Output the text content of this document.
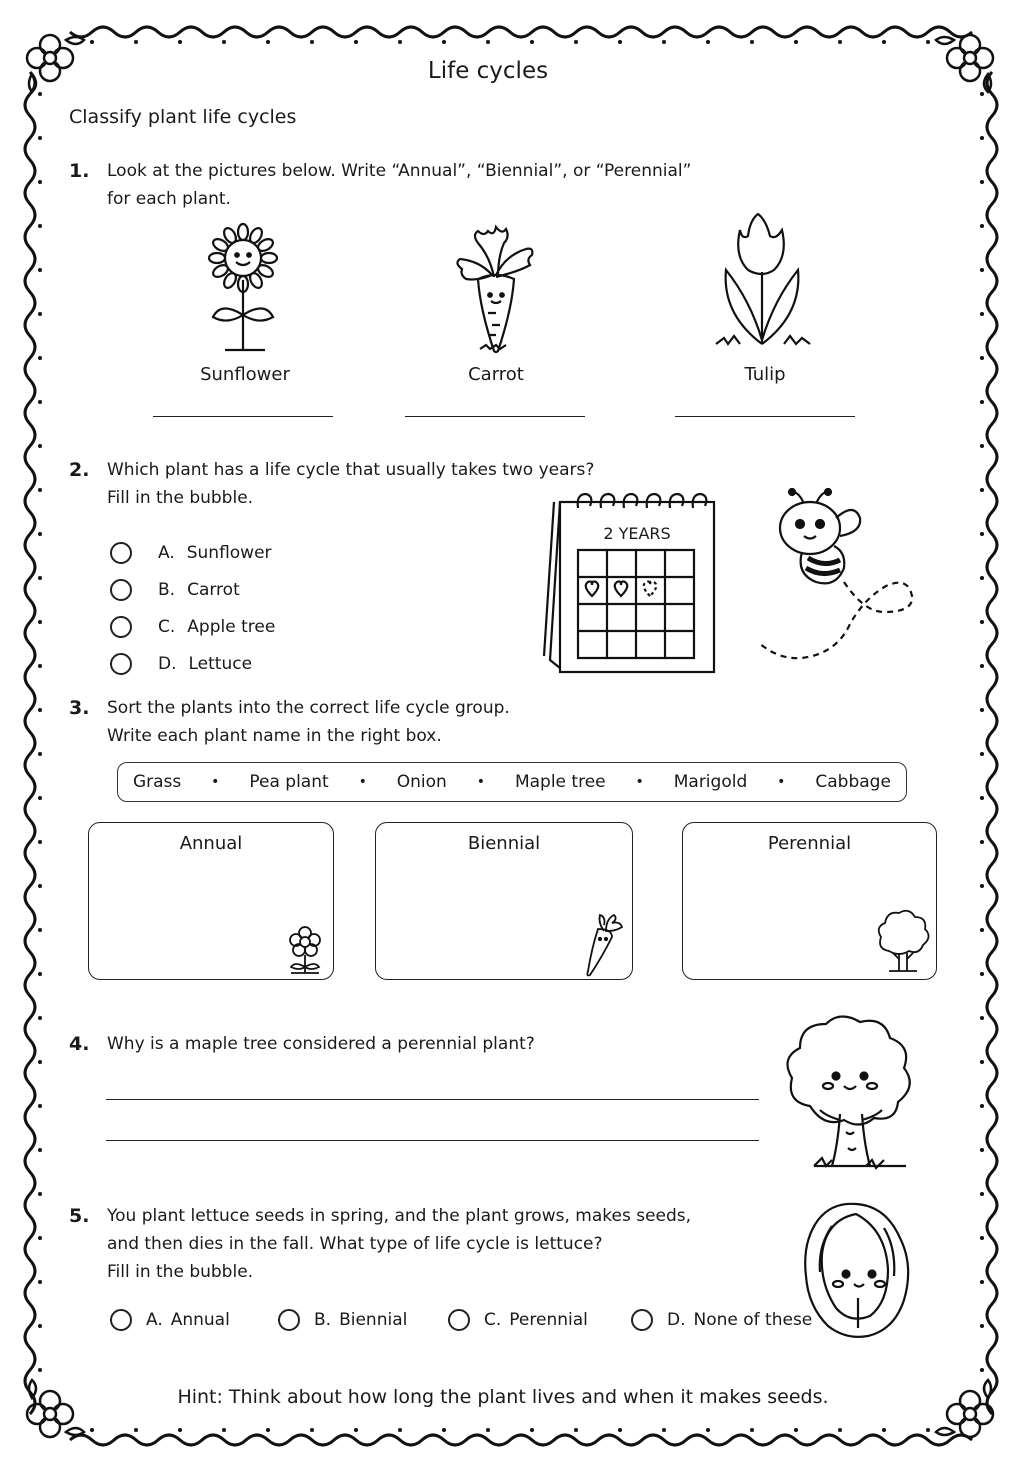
Life cycles
Classify plant life cycles
1. Look at the pictures below. Write “Annual”, “Biennial”, or “Perennial”
for each plant.
Sunflower	Carrot	Tulip
2. Which plant has a life cycle that usually takes two years?
Fill in the bubble.
A. Sunflower
B. Carrot
C. Apple tree
D. Lettuce
2 YEARS
3. Sort the plants into the correct life cycle group.
Write each plant name in the right box.
Grass • Pea plant • Onion • Maple tree • Marigold • Cabbage
Annual	Biennial	Perennial
4. Why is a maple tree considered a perennial plant?
5. You plant lettuce seeds in spring, and the plant grows, makes seeds,
and then dies in the fall. What type of life cycle is lettuce?
Fill in the bubble.
A. Annual	B. Biennial	C. Perennial	D. None of these
Hint: Think about how long the plant lives and when it makes seeds.
